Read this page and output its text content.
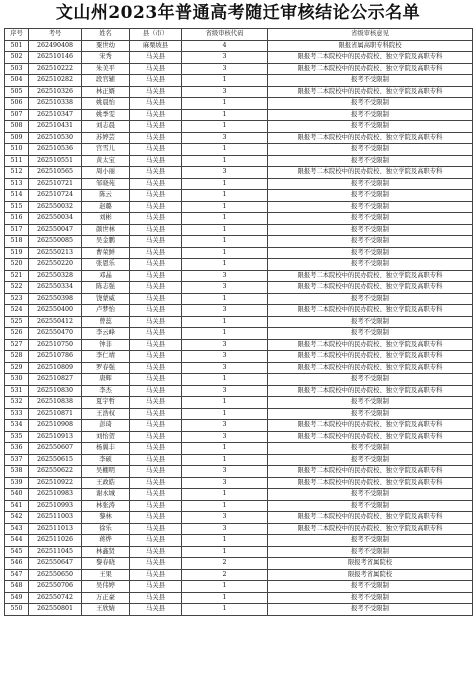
文山州2023年普通高考随迁审核结论公示名单
序号	考号	姓名	县（市）	省级审核代码	省级审核意见
501	262490408	粟世幼	麻栗坡县	4	限报省属高职专科院校
502	262510146	宋秀	马关县	3	限报考二本院校中的民办院校、独立学院及高职专科
503	262510222	朱美平	马关县	3	限报考二本院校中的民办院校、独立学院及高职专科
504	262510282	段官辅	马关县	1	报考不受限制
505	262510326	林正婿	马关县	3	限报考二本院校中的民办院校、独立学院及高职专科
506	262510338	姚晨怡	马关县	1	报考不受限制
507	262510347	姚季雯	马关县	1	报考不受限制
508	262510431	刘志晨	马关县	1	报考不受限制
509	262510530	苏婷芸	马关县	3	限报考二本院校中的民办院校、独立学院及高职专科
510	262510536	宫雪儿	马关县	1	报考不受限制
511	262510551	黄太宝	马关县	1	报考不受限制
512	262510565	周小丽	马关县	3	限报考二本院校中的民办院校、独立学院及高职专科
513	262510721	邹晓苑	马关县	1	报考不受限制
514	262510724	陈云	马关县	1	报考不受限制
515	262550032	赵璐	马关县	1	报考不受限制
516	262550034	刘彬	马关县	1	报考不受限制
517	262550047	颜世林	马关县	1	报考不受限制
518	262550085	吴金鹏	马关县	1	报考不受限制
519	262550213	曹荣鲜	马关县	1	报考不受限制
520	262550220	张恩乐	马关县	1	报考不受限制
521	262550328	邓晶	马关县	3	限报考二本院校中的民办院校、独立学院及高职专科
522	262550334	陈志强	马关县	3	限报考二本院校中的民办院校、独立学院及高职专科
523	262550398	饶蒙威	马关县	1	报考不受限制
524	262550400	卢梦怡	马关县	3	限报考二本院校中的民办院校、独立学院及高职专科
525	262550412	曾蕊	马关县	1	报考不受限制
526	262550470	李云峰	马关县	1	报考不受限制
527	262510750	钟非	马关县	3	限报考二本院校中的民办院校、独立学院及高职专科
528	262510786	李仁靖	马关县	3	限报考二本院校中的民办院校、独立学院及高职专科
529	262510809	罗春强	马关县	3	限报考二本院校中的民办院校、独立学院及高职专科
530	262510827	唐辉	马关县	1	报考不受限制
531	262510830	李杰	马关县	3	限报考二本院校中的民办院校、独立学院及高职专科
532	262510838	夏宇哲	马关县	1	报考不受限制
533	262510871	王浩权	马关县	1	报考不受限制
534	262510908	彭琦	马关县	3	限报考二本院校中的民办院校、独立学院及高职专科
535	262510913	刘怡贺	马关县	3	限报考二本院校中的民办院校、独立学院及高职专科
536	262550607	杨翼丰	马关县	1	报考不受限制
537	262550615	李硕	马关县	1	报考不受限制
538	262550622	吴棚明	马关县	3	限报考二本院校中的民办院校、独立学院及高职专科
539	262510922	王政皓	马关县	3	限报考二本院校中的民办院校、独立学院及高职专科
540	262510983	谢永城	马关县	1	报考不受限制
541	262510993	林张涛	马关县	1	报考不受限制
542	262511003	黎林	马关县	3	限报考二本院校中的民办院校、独立学院及高职专科
543	262511013	徐乐	马关县	3	限报考二本院校中的民办院校、独立学院及高职专科
544	262511026	蒋烨	马关县	1	报考不受限制
545	262511045	林鑫贤	马关县	1	报考不受限制
546	262550647	黎春晓	马关县	2	限报考省属院校
547	262550650	王果	马关县	2	限报考省属院校
548	262550706	吴伟婷	马关县	1	报考不受限制
549	262550742	万正豪	马关县	1	报考不受限制
550	262550801	王欣婧	马关县	1	报考不受限制
